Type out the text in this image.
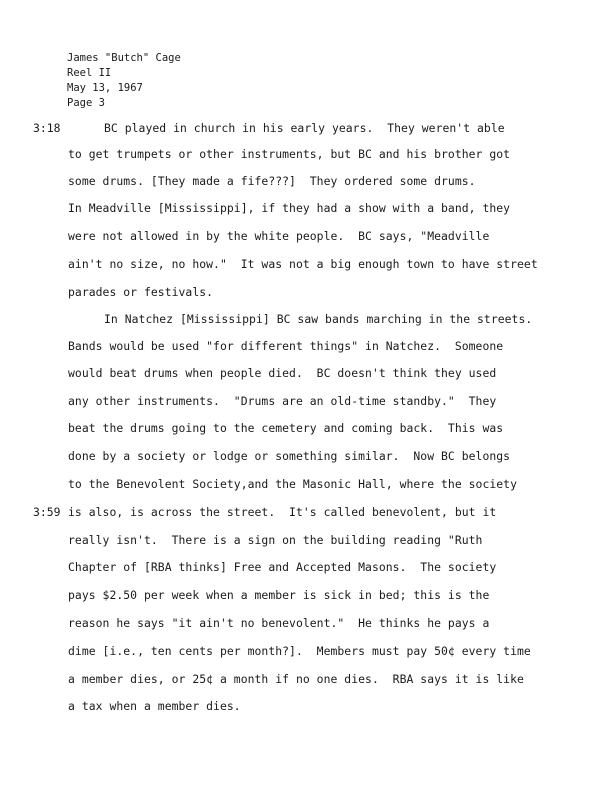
James "Butch" Cage
Reel II
May 13, 1967
Page 3
3:18
3:59
BC played in church in his early years.  They weren't able
to get trumpets or other instruments, but BC and his brother got
some drums. [They made a fife???]  They ordered some drums.
In Meadville [Mississippi], if they had a show with a band, they
were not allowed in by the white people.  BC says, "Meadville
ain't no size, no how."  It was not a big enough town to have street
parades or festivals.
In Natchez [Mississippi] BC saw bands marching in the streets.
Bands would be used "for different things" in Natchez.  Someone
would beat drums when people died.  BC doesn't think they used
any other instruments.  "Drums are an old-time standby."  They
beat the drums going to the cemetery and coming back.  This was
done by a society or lodge or something similar.  Now BC belongs
to the Benevolent Society,and the Masonic Hall, where the society
is also, is across the street.  It's called benevolent, but it
really isn't.  There is a sign on the building reading "Ruth
Chapter of [RBA thinks] Free and Accepted Masons.  The society
pays $2.50 per week when a member is sick in bed; this is the
reason he says "it ain't no benevolent."  He thinks he pays a
dime [i.e., ten cents per month?].  Members must pay 50¢ every time
a member dies, or 25¢ a month if no one dies.  RBA says it is like
a tax when a member dies.
